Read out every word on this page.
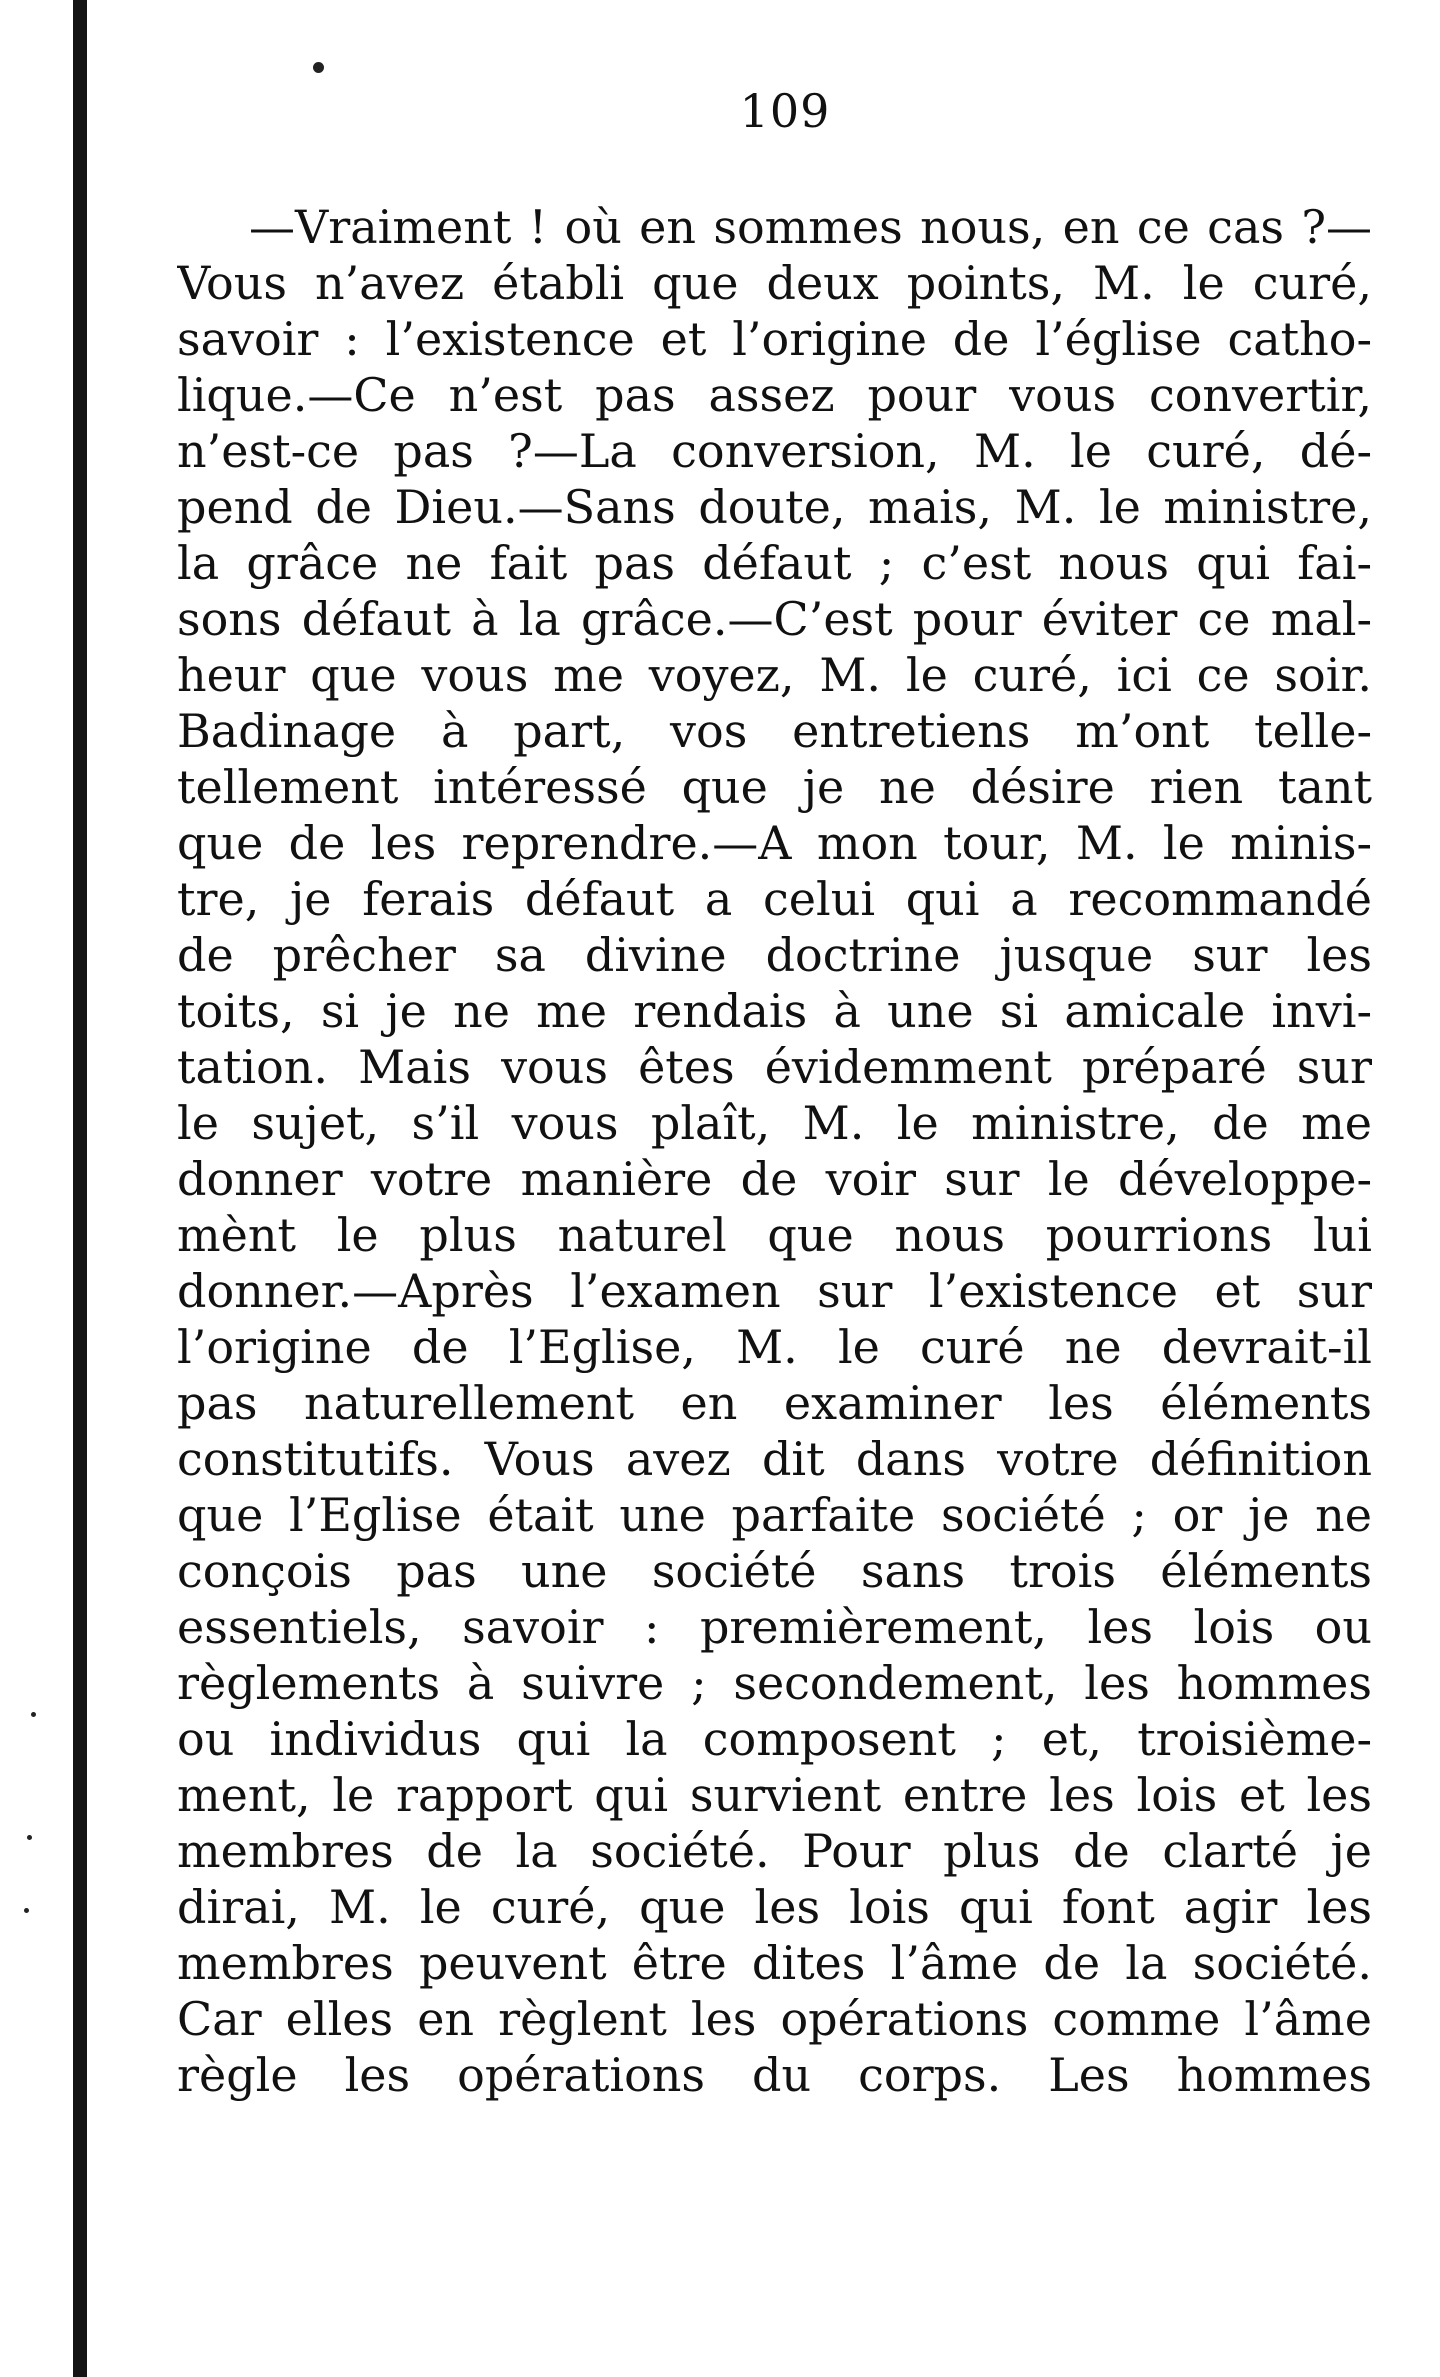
109
—Vraiment ! où en sommes nous, en ce cas ?—
Vous n’avez établi que deux points, M. le curé,
savoir : l’existence et l’origine de l’église catho-
lique.—Ce n’est pas assez pour vous convertir,
n’est-ce pas ?—La conversion, M. le curé, dé-
pend de Dieu.—Sans doute, mais, M. le ministre,
la grâce ne fait pas défaut ; c’est nous qui fai-
sons défaut à la grâce.—C’est pour éviter ce mal-
heur que vous me voyez, M. le curé, ici ce soir.
Badinage à part, vos entretiens m’ont telle-
tellement intéressé que je ne désire rien tant
que de les reprendre.—A mon tour, M. le minis-
tre, je ferais défaut a celui qui a recommandé
de prêcher sa divine doctrine jusque sur les
toits, si je ne me rendais à une si amicale invi-
tation. Mais vous êtes évidemment préparé sur
le sujet, s’il vous plaît, M. le ministre, de me
donner votre manière de voir sur le développe-
mènt le plus naturel que nous pourrions lui
donner.—Après l’examen sur l’existence et sur
l’origine de l’Eglise, M. le curé ne devrait-il
pas naturellement en examiner les éléments
constitutifs. Vous avez dit dans votre définition
que l’Eglise était une parfaite société ; or je ne
conçois pas une société sans trois éléments
essentiels, savoir : premièrement, les lois ou
règlements à suivre ; secondement, les hommes
ou individus qui la composent ; et, troisième-
ment, le rapport qui survient entre les lois et les
membres de la société. Pour plus de clarté je
dirai, M. le curé, que les lois qui font agir les
membres peuvent être dites l’âme de la société.
Car elles en règlent les opérations comme l’âme
règle les opérations du corps. Les hommes
